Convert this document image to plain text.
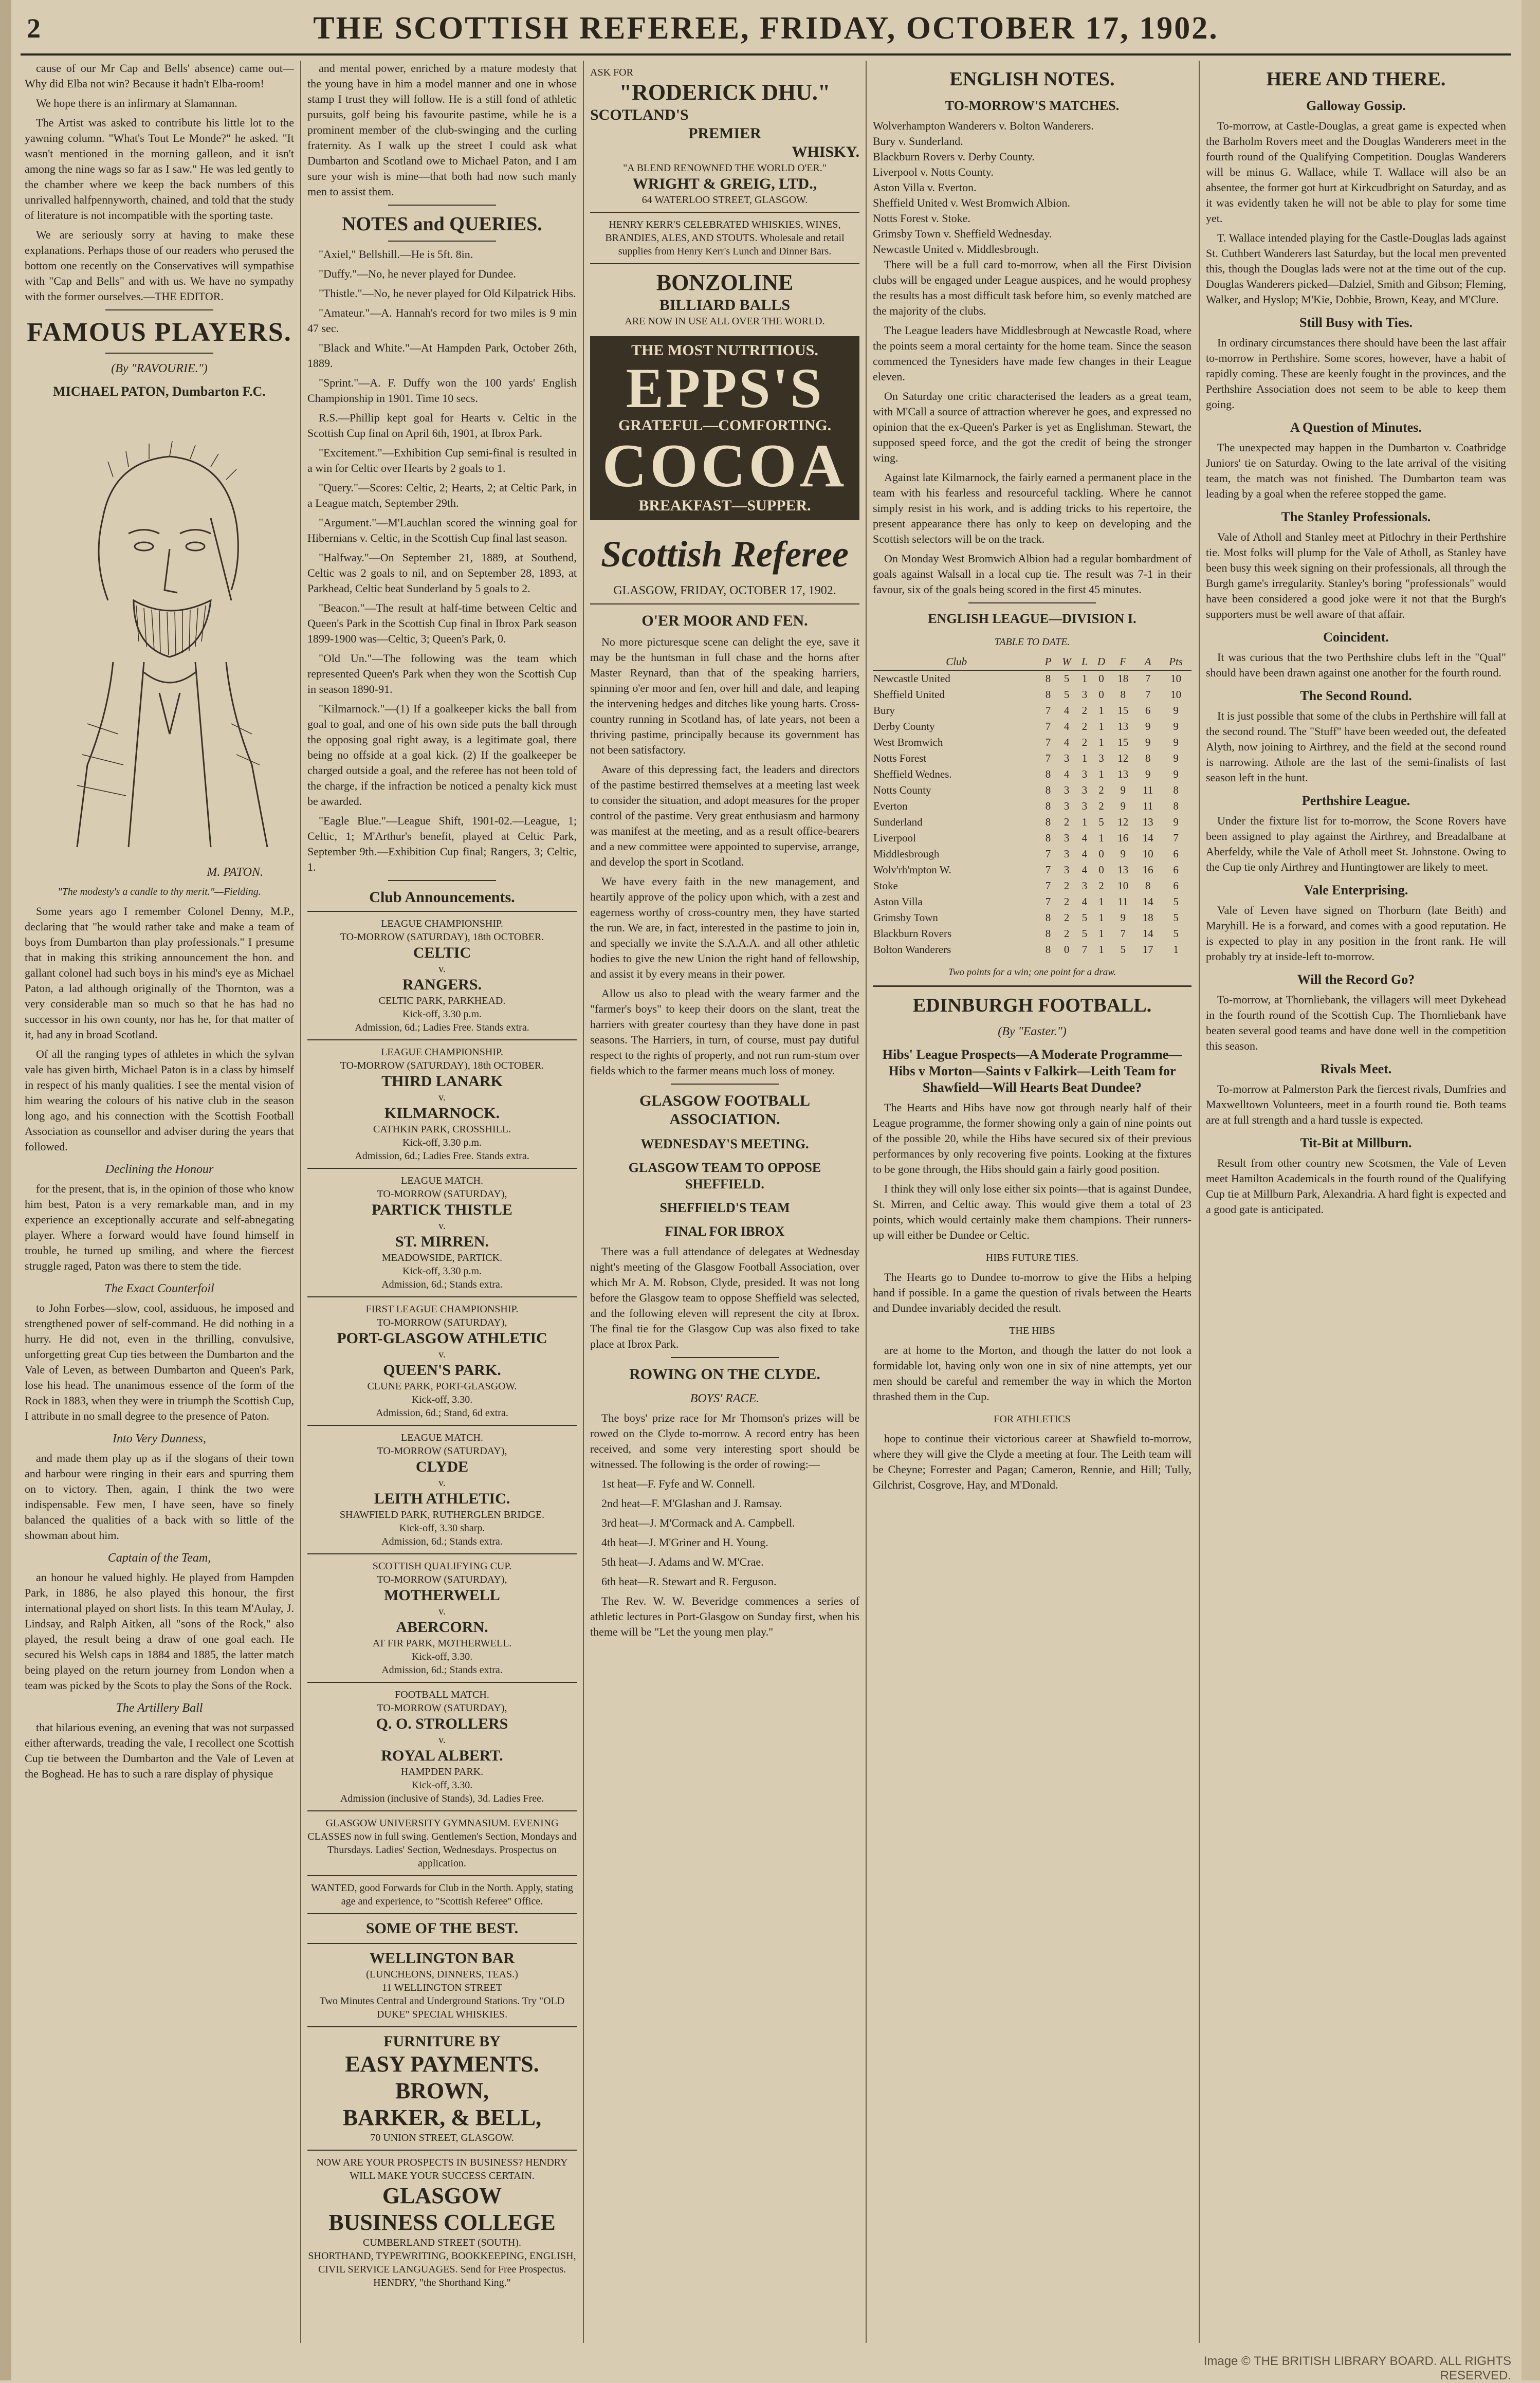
2	THE SCOTTISH REFEREE, FRIDAY, OCTOBER 17, 1902.

cause of our Mr Cap and Bells' absence) came out—Why did Elba not win? Because it hadn't Elba-room!

We hope there is an infirmary at Slamannan.

The Artist was asked to contribute his little lot to the yawning column. "What's Tout Le Monde?" he asked. "It wasn't mentioned in the morning galleon, and it isn't among the nine wags so far as I saw." He was led gently to the chamber where we keep the back numbers of this unrivalled halfpennyworth, chained, and told that the study of literature is not incompatible with the sporting taste.

We are seriously sorry at having to make these explanations. Perhaps those of our readers who perused the bottom one recently on the Conservatives will sympathise with "Cap and Bells" and with us. We have no sympathy with the former ourselves.—THE EDITOR.

FAMOUS PLAYERS.
(By "RAVOURIE.")
MICHAEL PATON, Dumbarton F.C.
M. PATON.

"The modesty's a candle to thy merit."—Fielding.

Some years ago I remember Colonel Denny, M.P., declaring that "he would rather take and make a team of boys from Dumbarton than play professionals." I presume that in making this striking announcement the hon. and gallant colonel had such boys in his mind's eye as Michael Paton, a lad although originally of the Thornton, was a very considerable man so much so that he has had no successor in his own county, nor has he, for that matter of it, had any in broad Scotland.

Of all the ranging types of athletes in which the sylvan vale has given birth, Michael Paton is in a class by himself in respect of his manly qualities. I see the mental vision of him wearing the colours of his native club in the season long ago, and his connection with the Scottish Football Association as counsellor and adviser during the years that followed.

Declining the Honour

for the present, that is, in the opinion of those who know him best, Paton is a very remarkable man, and in my experience an exceptionally accurate and self-abnegating player. Where a forward would have found himself in trouble, he turned up smiling, and where the fiercest struggle raged, Paton was there to stem the tide.

The Exact Counterfoil

to John Forbes—slow, cool, assiduous, he imposed and strengthened power of self-command. He did nothing in a hurry. He did not, even in the thrilling, convulsive, unforgetting great Cup ties between the Dumbarton and the Vale of Leven, as between Dumbarton and Queen's Park, lose his head. The unanimous essence of the form of the Rock in 1883, when they were in triumph the Scottish Cup, I attribute in no small degree to the presence of Paton.

Into Very Dunness,

and made them play up as if the slogans of their town and harbour were ringing in their ears and spurring them on to victory. Then, again, I think the two were indispensable. Few men, I have seen, have so finely balanced the qualities of a back with so little of the showman about him.

Captain of the Team,

an honour he valued highly. He played from Hampden Park, in 1886, he also played this honour, the first international played on short lists. In this team M'Aulay, J. Lindsay, and Ralph Aitken, all "sons of the Rock," also played, the result being a draw of one goal each. He secured his Welsh caps in 1884 and 1885, the latter match being played on the return journey from London when a team was picked by the Scots to play the Sons of the Rock.

The Artillery Ball

that hilarious evening, an evening that was not surpassed either afterwards, treading the vale, I recollect one Scottish Cup tie between the Dumbarton and the Vale of Leven at the Boghead. He has to such a rare display of physique

and mental power, enriched by a mature modesty that the young have in him a model manner and one in whose stamp I trust they will follow. He is a still fond of athletic pursuits, golf being his favourite pastime, while he is a prominent member of the club-swinging and the curling fraternity. As I walk up the street I could ask what Dumbarton and Scotland owe to Michael Paton, and I am sure your wish is mine—that both had now such manly men to assist them.

NOTES and QUERIES.

"Axiel," Bellshill.—He is 5ft. 8in.

"Duffy."—No, he never played for Dundee.

"Thistle."—No, he never played for Old Kilpatrick Hibs.

"Amateur."—A. Hannah's record for two miles is 9 min 47 sec.

"Black and White."—At Hampden Park, October 26th, 1889.

"Sprint."—A. F. Duffy won the 100 yards' English Championship in 1901. Time 10 secs.

R.S.—Phillip kept goal for Hearts v. Celtic in the Scottish Cup final on April 6th, 1901, at Ibrox Park.

"Excitement."—Exhibition Cup semi-final is resulted in a win for Celtic over Hearts by 2 goals to 1.

"Query."—Scores: Celtic, 2; Hearts, 2; at Celtic Park, in a League match, September 29th.

"Argument."—M'Lauchlan scored the winning goal for Hibernians v. Celtic, in the Scottish Cup final last season.

"Halfway."—On September 21, 1889, at Southend, Celtic was 2 goals to nil, and on September 28, 1893, at Parkhead, Celtic beat Sunderland by 5 goals to 2.

"Beacon."—The result at half-time between Celtic and Queen's Park in the Scottish Cup final in Ibrox Park season 1899-1900 was—Celtic, 3; Queen's Park, 0.

"Old Un."—The following was the team which represented Queen's Park when they won the Scottish Cup in season 1890-91.

"Kilmarnock."—(1) If a goalkeeper kicks the ball from goal to goal, and one of his own side puts the ball through the opposing goal right away, is a legitimate goal, there being no offside at a goal kick. (2) If the goalkeeper be charged outside a goal, and the referee has not been told of the charge, if the infraction be noticed a penalty kick must be awarded.

"Eagle Blue."—League Shift, 1901-02.—League, 1; Celtic, 1; M'Arthur's benefit, played at Celtic Park, September 9th.—Exhibition Cup final; Rangers, 3; Celtic, 1.

Club Announcements.
LEAGUE CHAMPIONSHIP.
TO-MORROW (SATURDAY), 18th OCTOBER.
CELTIC
v.
RANGERS.
CELTIC PARK, PARKHEAD.
Kick-off, 3.30 p.m.
Admission, 6d.; Ladies Free. Stands extra.
LEAGUE CHAMPIONSHIP.
TO-MORROW (SATURDAY), 18th OCTOBER.
THIRD LANARK
v.
KILMARNOCK.
CATHKIN PARK, CROSSHILL.
Kick-off, 3.30 p.m.
Admission, 6d.; Ladies Free. Stands extra.
LEAGUE MATCH.
TO-MORROW (SATURDAY),
PARTICK THISTLE
v.
ST. MIRREN.
MEADOWSIDE, PARTICK.
Kick-off, 3.30 p.m.
Admission, 6d.; Stands extra.
FIRST LEAGUE CHAMPIONSHIP.
TO-MORROW (SATURDAY),
PORT-GLASGOW ATHLETIC
v.
QUEEN'S PARK.
CLUNE PARK, PORT-GLASGOW.
Kick-off, 3.30.
Admission, 6d.; Stand, 6d extra.
LEAGUE MATCH.
TO-MORROW (SATURDAY),
CLYDE
v.
LEITH ATHLETIC.
SHAWFIELD PARK, RUTHERGLEN BRIDGE.
Kick-off, 3.30 sharp.
Admission, 6d.; Stands extra.
SCOTTISH QUALIFYING CUP.
TO-MORROW (SATURDAY),
MOTHERWELL
v.
ABERCORN.
AT FIR PARK, MOTHERWELL.
Kick-off, 3.30.
Admission, 6d.; Stands extra.
FOOTBALL MATCH.
TO-MORROW (SATURDAY),
Q. O. STROLLERS
v.
ROYAL ALBERT.
HAMPDEN PARK.
Kick-off, 3.30.
Admission (inclusive of Stands), 3d. Ladies Free.
GLASGOW UNIVERSITY GYMNASIUM. EVENING CLASSES now in full swing. Gentlemen's Section, Mondays and Thursdays. Ladies' Section, Wednesdays. Prospectus on application.
WANTED, good Forwards for Club in the North. Apply, stating age and experience, to "Scottish Referee" Office.
SOME OF THE BEST.
WELLINGTON BAR
(LUNCHEONS, DINNERS, TEAS.)
11 WELLINGTON STREET
Two Minutes Central and Underground Stations. Try "OLD DUKE" SPECIAL WHISKIES.
FURNITURE BY
EASY PAYMENTS.
BROWN,
BARKER, & BELL,
70 UNION STREET, GLASGOW.
NOW ARE YOUR PROSPECTS IN BUSINESS? HENDRY WILL MAKE YOUR SUCCESS CERTAIN.
GLASGOW
BUSINESS COLLEGE
CUMBERLAND STREET (SOUTH).
SHORTHAND, TYPEWRITING, BOOKKEEPING, ENGLISH, CIVIL SERVICE LANGUAGES. Send for Free Prospectus. HENDRY, "the Shorthand King."
ASK FOR
"RODERICK DHU."
SCOTLAND'S
PREMIER
WHISKY.
"A BLEND RENOWNED THE WORLD O'ER."
WRIGHT & GREIG, LTD.,
64 WATERLOO STREET, GLASGOW.
HENRY KERR'S CELEBRATED WHISKIES, WINES, BRANDIES, ALES, AND STOUTS. Wholesale and retail supplies from Henry Kerr's Lunch and Dinner Bars.
BONZOLINE
BILLIARD BALLS
ARE NOW IN USE ALL OVER THE WORLD.
THE MOST NUTRITIOUS.
EPPS'S
GRATEFUL—COMFORTING.
COCOA
BREAKFAST—SUPPER.
Scottish Referee
GLASGOW, FRIDAY, OCTOBER 17, 1902.
O'ER MOOR AND FEN.

No more picturesque scene can delight the eye, save it may be the huntsman in full chase and the horns after Master Reynard, than that of the speaking harriers, spinning o'er moor and fen, over hill and dale, and leaping the intervening hedges and ditches like young harts. Cross-country running in Scotland has, of late years, not been a thriving pastime, principally because its government has not been satisfactory.

Aware of this depressing fact, the leaders and directors of the pastime bestirred themselves at a meeting last week to consider the situation, and adopt measures for the proper control of the pastime. Very great enthusiasm and harmony was manifest at the meeting, and as a result office-bearers and a new committee were appointed to supervise, arrange, and develop the sport in Scotland.

We have every faith in the new management, and heartily approve of the policy upon which, with a zest and eagerness worthy of cross-country men, they have started the run. We are, in fact, interested in the pastime to join in, and specially we invite the S.A.A.A. and all other athletic bodies to give the new Union the right hand of fellowship, and assist it by every means in their power.

Allow us also to plead with the weary farmer and the "farmer's boys" to keep their doors on the slant, treat the harriers with greater courtesy than they have done in past seasons. The Harriers, in turn, of course, must pay dutiful respect to the rights of property, and not run rum-stum over fields which to the farmer means much loss of money.

GLASGOW FOOTBALL ASSOCIATION.
WEDNESDAY'S MEETING.
GLASGOW TEAM TO OPPOSE SHEFFIELD.
SHEFFIELD'S TEAM
FINAL FOR IBROX

There was a full attendance of delegates at Wednesday night's meeting of the Glasgow Football Association, over which Mr A. M. Robson, Clyde, presided. It was not long before the Glasgow team to oppose Sheffield was selected, and the following eleven will represent the city at Ibrox. The final tie for the Glasgow Cup was also fixed to take place at Ibrox Park.

ROWING ON THE CLYDE.
BOYS' RACE.

The boys' prize race for Mr Thomson's prizes will be rowed on the Clyde to-morrow. A record entry has been received, and some very interesting sport should be witnessed. The following is the order of rowing:—

1st heat—F. Fyfe and W. Connell.

2nd heat—F. M'Glashan and J. Ramsay.

3rd heat—J. M'Cormack and A. Campbell.

4th heat—J. M'Griner and H. Young.

5th heat—J. Adams and W. M'Crae.

6th heat—R. Stewart and R. Ferguson.

The Rev. W. W. Beveridge commences a series of athletic lectures in Port-Glasgow on Sunday first, when his theme will be "Let the young men play."

ENGLISH NOTES.
TO-MORROW'S MATCHES.

Wolverhampton Wanderers v. Bolton Wanderers.

Bury v. Sunderland.

Blackburn Rovers v. Derby County.

Liverpool v. Notts County.

Aston Villa v. Everton.

Sheffield United v. West Bromwich Albion.

Notts Forest v. Stoke.

Grimsby Town v. Sheffield Wednesday.

Newcastle United v. Middlesbrough.

There will be a full card to-morrow, when all the First Division clubs will be engaged under League auspices, and he would prophesy the results has a most difficult task before him, so evenly matched are the majority of the clubs.

The League leaders have Middlesbrough at Newcastle Road, where the points seem a moral certainty for the home team. Since the season commenced the Tynesiders have made few changes in their League eleven.

On Saturday one critic characterised the leaders as a great team, with M'Call a source of attraction wherever he goes, and expressed no opinion that the ex-Queen's Parker is yet as Englishman. Stewart, the supposed speed force, and the got the credit of being the stronger wing.

Against late Kilmarnock, the fairly earned a permanent place in the team with his fearless and resourceful tackling. Where he cannot simply resist in his work, and is adding tricks to his repertoire, the present appearance there has only to keep on developing and the Scottish selectors will be on the track.

On Monday West Bromwich Albion had a regular bombardment of goals against Walsall in a local cup tie. The result was 7-1 in their favour, six of the goals being scored in the first 45 minutes.

ENGLISH LEAGUE—DIVISION I.
TABLE TO DATE.
Club	P	W	L	D	F	A	Pts
Newcastle United	8	5	1	0	18	7	10
Sheffield United	8	5	3	0	8	7	10
Bury	7	4	2	1	15	6	9
Derby County	7	4	2	1	13	9	9
West Bromwich	7	4	2	1	15	9	9
Notts Forest	7	3	1	3	12	8	9
Sheffield Wednes.	8	4	3	1	13	9	9
Notts County	8	3	3	2	9	11	8
Everton	8	3	3	2	9	11	8
Sunderland	8	2	1	5	12	13	9
Liverpool	8	3	4	1	16	14	7
Middlesbrough	7	3	4	0	9	10	6
Wolv'rh'mpton W.	7	3	4	0	13	16	6
Stoke	7	2	3	2	10	8	6
Aston Villa	7	2	4	1	11	14	5
Grimsby Town	8	2	5	1	9	18	5
Blackburn Rovers	8	2	5	1	7	14	5
Bolton Wanderers	8	0	7	1	5	17	1
Two points for a win; one point for a draw.
EDINBURGH FOOTBALL.
(By "Easter.")
Hibs' League Prospects—A Moderate Programme—Hibs v Morton—Saints v Falkirk—Leith Team for Shawfield—Will Hearts Beat Dundee?

The Hearts and Hibs have now got through nearly half of their League programme, the former showing only a gain of nine points out of the possible 20, while the Hibs have secured six of their previous performances by only recovering five points. Looking at the fixtures to be gone through, the Hibs should gain a fairly good position.

I think they will only lose either six points—that is against Dundee, St. Mirren, and Celtic away. This would give them a total of 23 points, which would certainly make them champions. Their runners-up will either be Dundee or Celtic.

HIBS FUTURE TIES.

The Hearts go to Dundee to-morrow to give the Hibs a helping hand if possible. In a game the question of rivals between the Hearts and Dundee invariably decided the result.

THE HIBS

are at home to the Morton, and though the latter do not look a formidable lot, having only won one in six of nine attempts, yet our men should be careful and remember the way in which the Morton thrashed them in the Cup.

FOR ATHLETICS

hope to continue their victorious career at Shawfield to-morrow, where they will give the Clyde a meeting at four. The Leith team will be Cheyne; Forrester and Pagan; Cameron, Rennie, and Hill; Tully, Gilchrist, Cosgrove, Hay, and M'Donald.

HERE AND THERE.
Galloway Gossip.

To-morrow, at Castle-Douglas, a great game is expected when the Barholm Rovers meet and the Douglas Wanderers meet in the fourth round of the Qualifying Competition. Douglas Wanderers will be minus G. Wallace, while T. Wallace will also be an absentee, the former got hurt at Kirkcudbright on Saturday, and as it was evidently taken he will not be able to play for some time yet.

T. Wallace intended playing for the Castle-Douglas lads against St. Cuthbert Wanderers last Saturday, but the local men prevented this, though the Douglas lads were not at the time out of the cup. Douglas Wanderers picked—Dalziel, Smith and Gibson; Fleming, Walker, and Hyslop; M'Kie, Dobbie, Brown, Keay, and M'Clure.

Still Busy with Ties.

In ordinary circumstances there should have been the last affair to-morrow in Perthshire. Some scores, however, have a habit of rapidly coming. These are keenly fought in the provinces, and the Perthshire Association does not seem to be able to keep them going.

A Question of Minutes.

The unexpected may happen in the Dumbarton v. Coatbridge Juniors' tie on Saturday. Owing to the late arrival of the visiting team, the match was not finished. The Dumbarton team was leading by a goal when the referee stopped the game.

The Stanley Professionals.

Vale of Atholl and Stanley meet at Pitlochry in their Perthshire tie. Most folks will plump for the Vale of Atholl, as Stanley have been busy this week signing on their professionals, all through the Burgh game's irregularity. Stanley's boring "professionals" would have been considered a good joke were it not that the Burgh's supporters must be well aware of that affair.

Coincident.

It was curious that the two Perthshire clubs left in the "Qual" should have been drawn against one another for the fourth round.

The Second Round.

It is just possible that some of the clubs in Perthshire will fall at the second round. The "Stuff" have been weeded out, the defeated Alyth, now joining to Airthrey, and the field at the second round is narrowing. Athole are the last of the semi-finalists of last season left in the hunt.

Perthshire League.

Under the fixture list for to-morrow, the Scone Rovers have been assigned to play against the Airthrey, and Breadalbane at Aberfeldy, while the Vale of Atholl meet St. Johnstone. Owing to the Cup tie only Airthrey and Huntingtower are likely to meet.

Vale Enterprising.

Vale of Leven have signed on Thorburn (late Beith) and Maryhill. He is a forward, and comes with a good reputation. He is expected to play in any position in the front rank. He will probably try at inside-left to-morrow.

Will the Record Go?

To-morrow, at Thornliebank, the villagers will meet Dykehead in the fourth round of the Scottish Cup. The Thornliebank have beaten several good teams and have done well in the competition this season.

Rivals Meet.

To-morrow at Palmerston Park the fiercest rivals, Dumfries and Maxwelltown Volunteers, meet in a fourth round tie. Both teams are at full strength and a hard tussle is expected.

Tit-Bit at Millburn.

Result from other country new Scotsmen, the Vale of Leven meet Hamilton Academicals in the fourth round of the Qualifying Cup tie at Millburn Park, Alexandria. A hard fight is expected and a good gate is anticipated.

Image © THE BRITISH LIBRARY BOARD. ALL RIGHTS RESERVED.
